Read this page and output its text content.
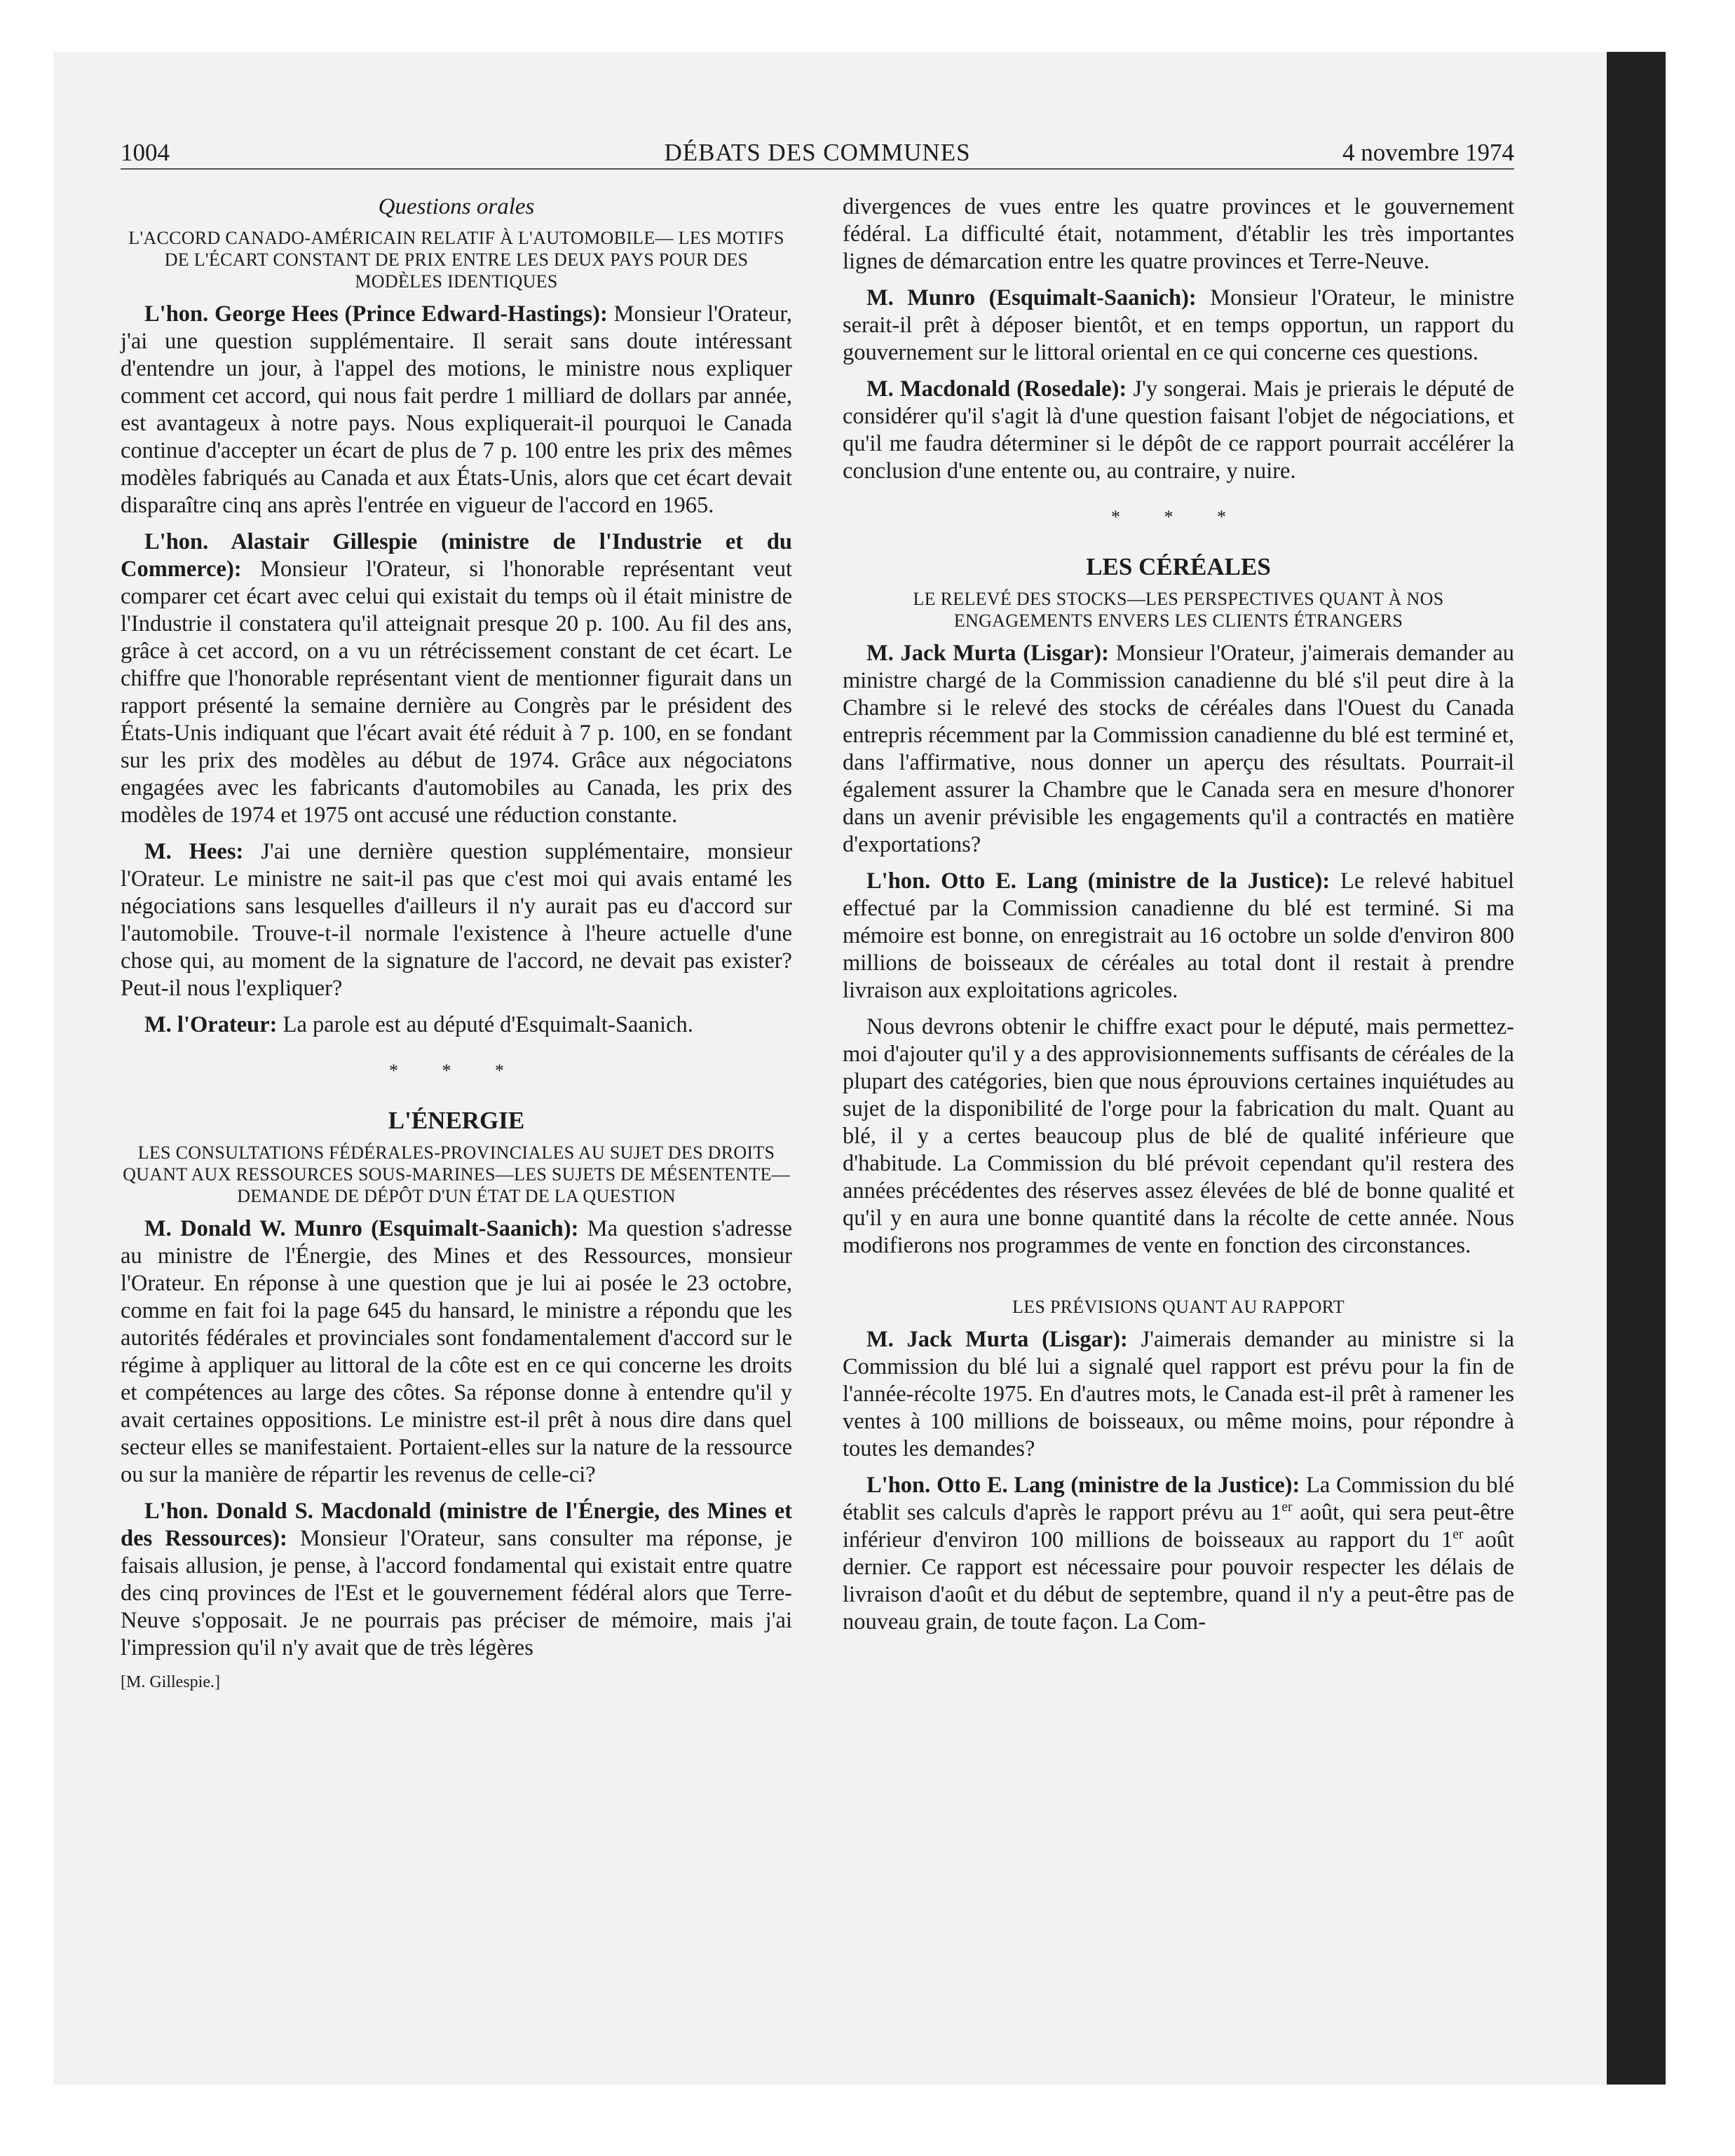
1004	DÉBATS DES COMMUNES	4 novembre 1974
Questions orales
L'ACCORD CANADO-AMÉRICAIN RELATIF À L'AUTOMOBILE— LES MOTIFS DE L'ÉCART CONSTANT DE PRIX ENTRE LES DEUX PAYS POUR DES MODÈLES IDENTIQUES

L'hon. George Hees (Prince Edward-Hastings): Monsieur l'Orateur, j'ai une question supplémentaire. Il serait sans doute intéressant d'entendre un jour, à l'appel des motions, le ministre nous expliquer comment cet accord, qui nous fait perdre 1 milliard de dollars par année, est avantageux à notre pays. Nous expliquerait-il pourquoi le Canada continue d'accepter un écart de plus de 7 p. 100 entre les prix des mêmes modèles fabriqués au Canada et aux États-Unis, alors que cet écart devait disparaître cinq ans après l'entrée en vigueur de l'accord en 1965.

L'hon. Alastair Gillespie (ministre de l'Industrie et du Commerce): Monsieur l'Orateur, si l'honorable représentant veut comparer cet écart avec celui qui existait du temps où il était ministre de l'Industrie il constatera qu'il atteignait presque 20 p. 100. Au fil des ans, grâce à cet accord, on a vu un rétrécissement constant de cet écart. Le chiffre que l'honorable représentant vient de mentionner figurait dans un rapport présenté la semaine dernière au Congrès par le président des États-Unis indiquant que l'écart avait été réduit à 7 p. 100, en se fondant sur les prix des modèles au début de 1974. Grâce aux négociatons engagées avec les fabricants d'automobiles au Canada, les prix des modèles de 1974 et 1975 ont accusé une réduction constante.

M. Hees: J'ai une dernière question supplémentaire, monsieur l'Orateur. Le ministre ne sait-il pas que c'est moi qui avais entamé les négociations sans lesquelles d'ailleurs il n'y aurait pas eu d'accord sur l'automobile. Trouve-t-il normale l'existence à l'heure actuelle d'une chose qui, au moment de la signature de l'accord, ne devait pas exister? Peut-il nous l'expliquer?

M. l'Orateur: La parole est au député d'Esquimalt-Saanich.

* * *
L'ÉNERGIE
LES CONSULTATIONS FÉDÉRALES-PROVINCIALES AU SUJET DES DROITS QUANT AUX RESSOURCES SOUS-MARINES—LES SUJETS DE MÉSENTENTE—DEMANDE DE DÉPÔT D'UN ÉTAT DE LA QUESTION

M. Donald W. Munro (Esquimalt-Saanich): Ma question s'adresse au ministre de l'Énergie, des Mines et des Ressources, monsieur l'Orateur. En réponse à une question que je lui ai posée le 23 octobre, comme en fait foi la page 645 du hansard, le ministre a répondu que les autorités fédérales et provinciales sont fondamentalement d'accord sur le régime à appliquer au littoral de la côte est en ce qui concerne les droits et compétences au large des côtes. Sa réponse donne à entendre qu'il y avait certaines oppositions. Le ministre est-il prêt à nous dire dans quel secteur elles se manifestaient. Portaient-elles sur la nature de la ressource ou sur la manière de répartir les revenus de celle-ci?

L'hon. Donald S. Macdonald (ministre de l'Énergie, des Mines et des Ressources): Monsieur l'Orateur, sans consulter ma réponse, je faisais allusion, je pense, à l'accord fondamental qui existait entre quatre des cinq provinces de l'Est et le gouvernement fédéral alors que Terre-Neuve s'opposait. Je ne pourrais pas préciser de mémoire, mais j'ai l'impression qu'il n'y avait que de très légères

[M. Gillespie.]

divergences de vues entre les quatre provinces et le gouvernement fédéral. La difficulté était, notamment, d'établir les très importantes lignes de démarcation entre les quatre provinces et Terre-Neuve.

M. Munro (Esquimalt-Saanich): Monsieur l'Orateur, le ministre serait-il prêt à déposer bientôt, et en temps opportun, un rapport du gouvernement sur le littoral oriental en ce qui concerne ces questions.

M. Macdonald (Rosedale): J'y songerai. Mais je prierais le député de considérer qu'il s'agit là d'une question faisant l'objet de négociations, et qu'il me faudra déterminer si le dépôt de ce rapport pourrait accélérer la conclusion d'une entente ou, au contraire, y nuire.

* * *
LES CÉRÉALES
LE RELEVÉ DES STOCKS—LES PERSPECTIVES QUANT À NOS ENGAGEMENTS ENVERS LES CLIENTS ÉTRANGERS

M. Jack Murta (Lisgar): Monsieur l'Orateur, j'aimerais demander au ministre chargé de la Commission canadienne du blé s'il peut dire à la Chambre si le relevé des stocks de céréales dans l'Ouest du Canada entrepris récemment par la Commission canadienne du blé est terminé et, dans l'affirmative, nous donner un aperçu des résultats. Pourrait-il également assurer la Chambre que le Canada sera en mesure d'honorer dans un avenir prévisible les engagements qu'il a contractés en matière d'exportations?

L'hon. Otto E. Lang (ministre de la Justice): Le relevé habituel effectué par la Commission canadienne du blé est terminé. Si ma mémoire est bonne, on enregistrait au 16 octobre un solde d'environ 800 millions de boisseaux de céréales au total dont il restait à prendre livraison aux exploitations agricoles.

Nous devrons obtenir le chiffre exact pour le député, mais permettez-moi d'ajouter qu'il y a des approvisionnements suffisants de céréales de la plupart des catégories, bien que nous éprouvions certaines inquiétudes au sujet de la disponibilité de l'orge pour la fabrication du malt. Quant au blé, il y a certes beaucoup plus de blé de qualité inférieure que d'habitude. La Commission du blé prévoit cependant qu'il restera des années précédentes des réserves assez élevées de blé de bonne qualité et qu'il y en aura une bonne quantité dans la récolte de cette année. Nous modifierons nos programmes de vente en fonction des circonstances.

LES PRÉVISIONS QUANT AU RAPPORT

M. Jack Murta (Lisgar): J'aimerais demander au ministre si la Commission du blé lui a signalé quel rapport est prévu pour la fin de l'année-récolte 1975. En d'autres mots, le Canada est-il prêt à ramener les ventes à 100 millions de boisseaux, ou même moins, pour répondre à toutes les demandes?

L'hon. Otto E. Lang (ministre de la Justice): La Commission du blé établit ses calculs d'après le rapport prévu au 1er août, qui sera peut-être inférieur d'environ 100 millions de boisseaux au rapport du 1er août dernier. Ce rapport est nécessaire pour pouvoir respecter les délais de livraison d'août et du début de septembre, quand il n'y a peut-être pas de nouveau grain, de toute façon. La Com-
